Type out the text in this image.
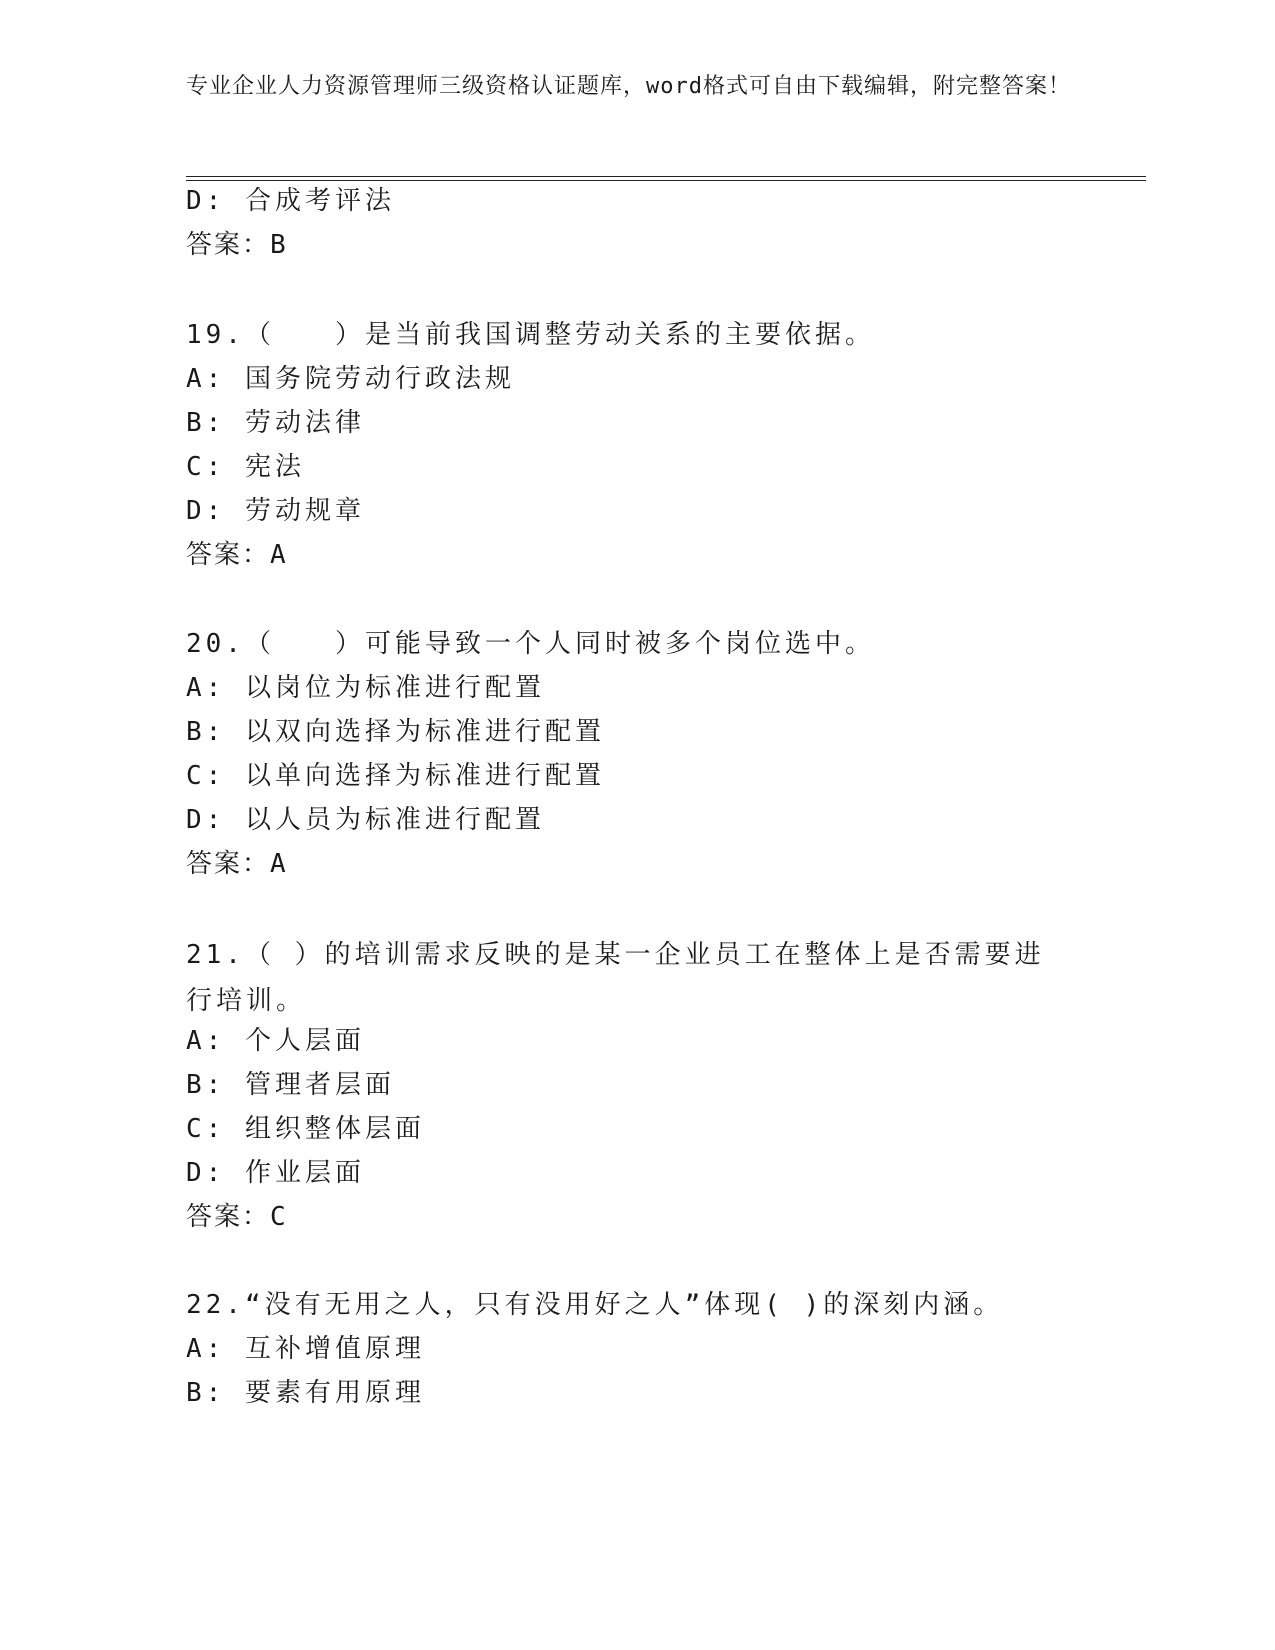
专业企业人力资源管理师三级资格认证题库，word格式可自由下载编辑，附完整答案！
D: 合成考评法
答案：B
19.（　　）是当前我国调整劳动关系的主要依据。
A: 国务院劳动行政法规
B: 劳动法律
C: 宪法
D: 劳动规章
答案：A
20.（　　）可能导致一个人同时被多个岗位选中。
A: 以岗位为标准进行配置
B: 以双向选择为标准进行配置
C: 以单向选择为标准进行配置
D: 以人员为标准进行配置
答案：A
21.（ ）的培训需求反映的是某一企业员工在整体上是否需要进行培训。
A: 个人层面
B: 管理者层面
C: 组织整体层面
D: 作业层面
答案：C
22.“没有无用之人，只有没用好之人”体现( )的深刻内涵。
A: 互补增值原理
B: 要素有用原理
